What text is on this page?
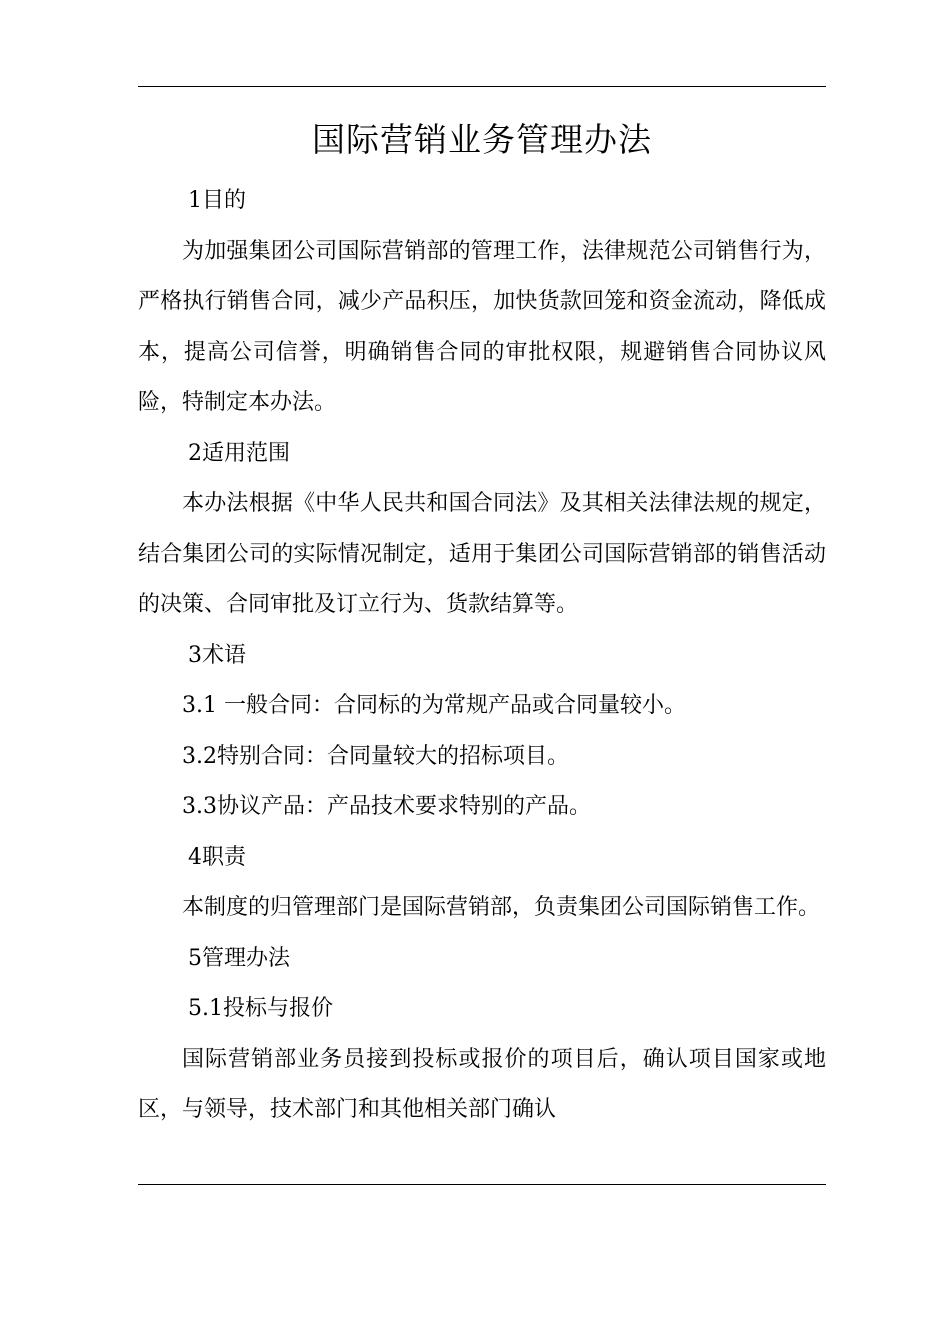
国际营销业务管理办法

1目的

为加强集团公司国际营销部的管理工作，法律规范公司销售行为，严格执行销售合同，减少产品积压，加快货款回笼和资金流动，降低成本，提高公司信誉，明确销售合同的审批权限，规避销售合同协议风险，特制定本办法。

2适用范围

本办法根据《中华人民共和国合同法》及其相关法律法规的规定，结合集团公司的实际情况制定，适用于集团公司国际营销部的销售活动的决策、合同审批及订立行为、货款结算等。

3术语

3.1 一般合同：合同标的为常规产品或合同量较小。

3.2特别合同：合同量较大的招标项目。

3.3协议产品：产品技术要求特别的产品。

4职责

本制度的归管理部门是国际营销部，负责集团公司国际销售工作。

5管理办法

5.1投标与报价

国际营销部业务员接到投标或报价的项目后，确认项目国家或地区，与领导，技术部门和其他相关部门确认
